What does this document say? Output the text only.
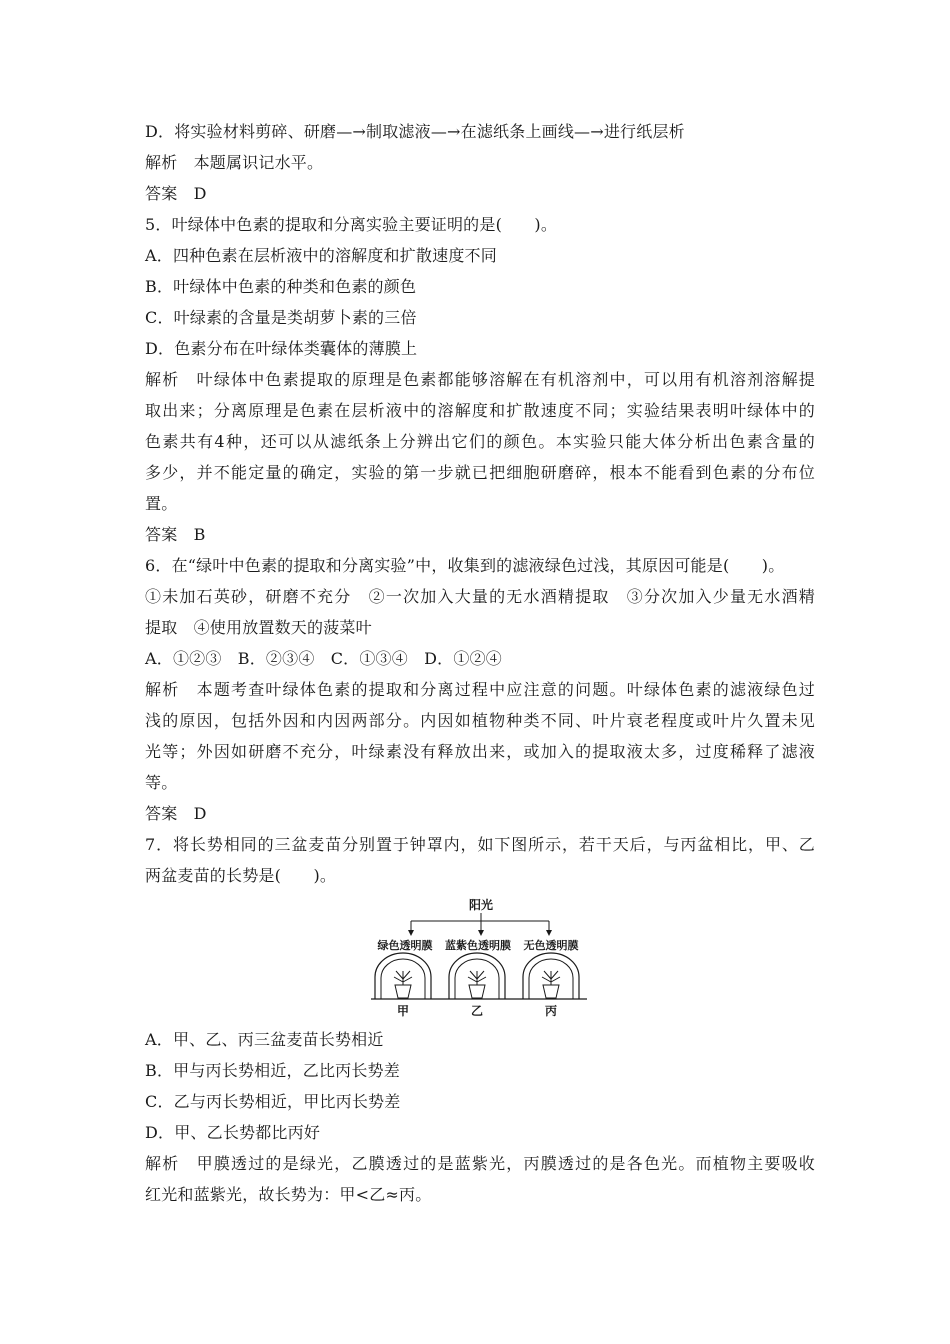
D．将实验材料剪碎、研磨—→制取滤液—→在滤纸条上画线—→进行纸层析
解析　本题属识记水平。
答案　D
5．叶绿体中色素的提取和分离实验主要证明的是(　　)。
A．四种色素在层析液中的溶解度和扩散速度不同
B．叶绿体中色素的种类和色素的颜色
C．叶绿素的含量是类胡萝卜素的三倍
D．色素分布在叶绿体类囊体的薄膜上
解析　叶绿体中色素提取的原理是色素都能够溶解在有机溶剂中，可以用有机溶剂溶解提
取出来；分离原理是色素在层析液中的溶解度和扩散速度不同；实验结果表明叶绿体中的
色素共有4种，还可以从滤纸条上分辨出它们的颜色。本实验只能大体分析出色素含量的
多少，并不能定量的确定，实验的第一步就已把细胞研磨碎，根本不能看到色素的分布位
置。
答案　B
6．在“绿叶中色素的提取和分离实验”中，收集到的滤液绿色过浅，其原因可能是(　　)。
①未加石英砂，研磨不充分　②一次加入大量的无水酒精提取　③分次加入少量无水酒精
提取　④使用放置数天的菠菜叶
A．①②③　B．②③④　C．①③④　D．①②④
解析　本题考查叶绿体色素的提取和分离过程中应注意的问题。叶绿体色素的滤液绿色过
浅的原因，包括外因和内因两部分。内因如植物种类不同、叶片衰老程度或叶片久置未见
光等；外因如研磨不充分，叶绿素没有释放出来，或加入的提取液太多，过度稀释了滤液
等。
答案　D
7．将长势相同的三盆麦苗分别置于钟罩内，如下图所示，若干天后，与丙盆相比，甲、乙
两盆麦苗的长势是(　　)。
阳光
绿色透明膜 蓝紫色透明膜 无色透明膜
甲	乙	丙
A．甲、乙、丙三盆麦苗长势相近
B．甲与丙长势相近，乙比丙长势差
C．乙与丙长势相近，甲比丙长势差
D．甲、乙长势都比丙好
解析　甲膜透过的是绿光，乙膜透过的是蓝紫光，丙膜透过的是各色光。而植物主要吸收
红光和蓝紫光，故长势为：甲<乙≈丙。
